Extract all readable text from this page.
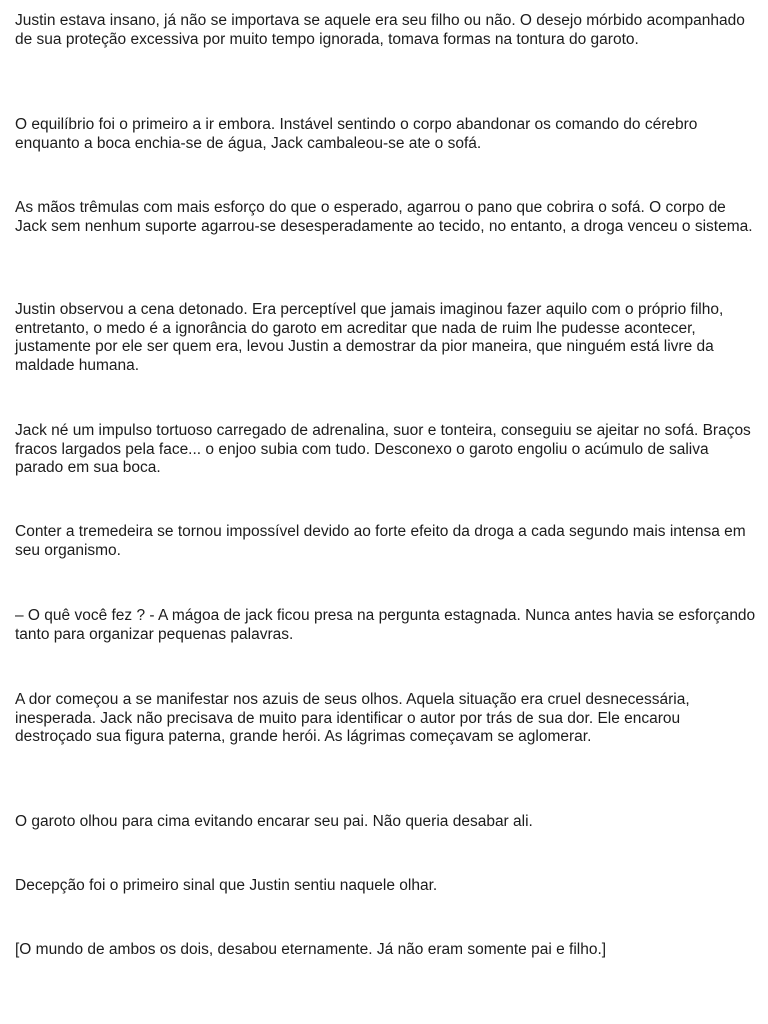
Justin estava insano, já não se importava se aquele era seu filho ou não. O desejo mórbido acompanhado de sua proteção excessiva por muito tempo ignorada, tomava formas na tontura do garoto.

O equilíbrio foi o primeiro a ir embora. Instável sentindo o corpo abandonar os comando do cérebro enquanto a boca enchia-se de água, Jack cambaleou-se ate o sofá.

As mãos trêmulas com mais esforço do que o esperado, agarrou o pano que cobrira o sofá. O corpo de Jack sem nenhum suporte agarrou-se desesperadamente ao tecido, no entanto, a droga venceu o sistema.

Justin observou a cena detonado. Era perceptível que jamais imaginou fazer aquilo com o próprio filho, entretanto, o medo é a ignorância do garoto em acreditar que nada de ruim lhe pudesse acontecer, justamente por ele ser quem era, levou Justin a demostrar da pior maneira, que ninguém está livre da maldade humana.

Jack né um impulso tortuoso carregado de adrenalina, suor e tonteira, conseguiu se ajeitar no sofá. Braços fracos largados pela face... o enjoo subia com tudo. Desconexo o garoto engoliu o acúmulo de saliva parado em sua boca.

Conter a tremedeira se tornou impossível devido ao forte efeito da droga a cada segundo mais intensa em seu organismo.

– O quê você fez ? - A mágoa de jack ficou presa na pergunta estagnada. Nunca antes havia se esforçando tanto para organizar pequenas palavras.

A dor começou a se manifestar nos azuis de seus olhos. Aquela situação era cruel desnecessária, inesperada. Jack não precisava de muito para identificar o autor por trás de sua dor. Ele encarou destroçado sua figura paterna, grande herói. As lágrimas começavam se aglomerar.

O garoto olhou para cima evitando encarar seu pai. Não queria desabar ali.

Decepção foi o primeiro sinal que Justin sentiu naquele olhar.

[O mundo de ambos os dois, desabou eternamente. Já não eram somente pai e filho.]
